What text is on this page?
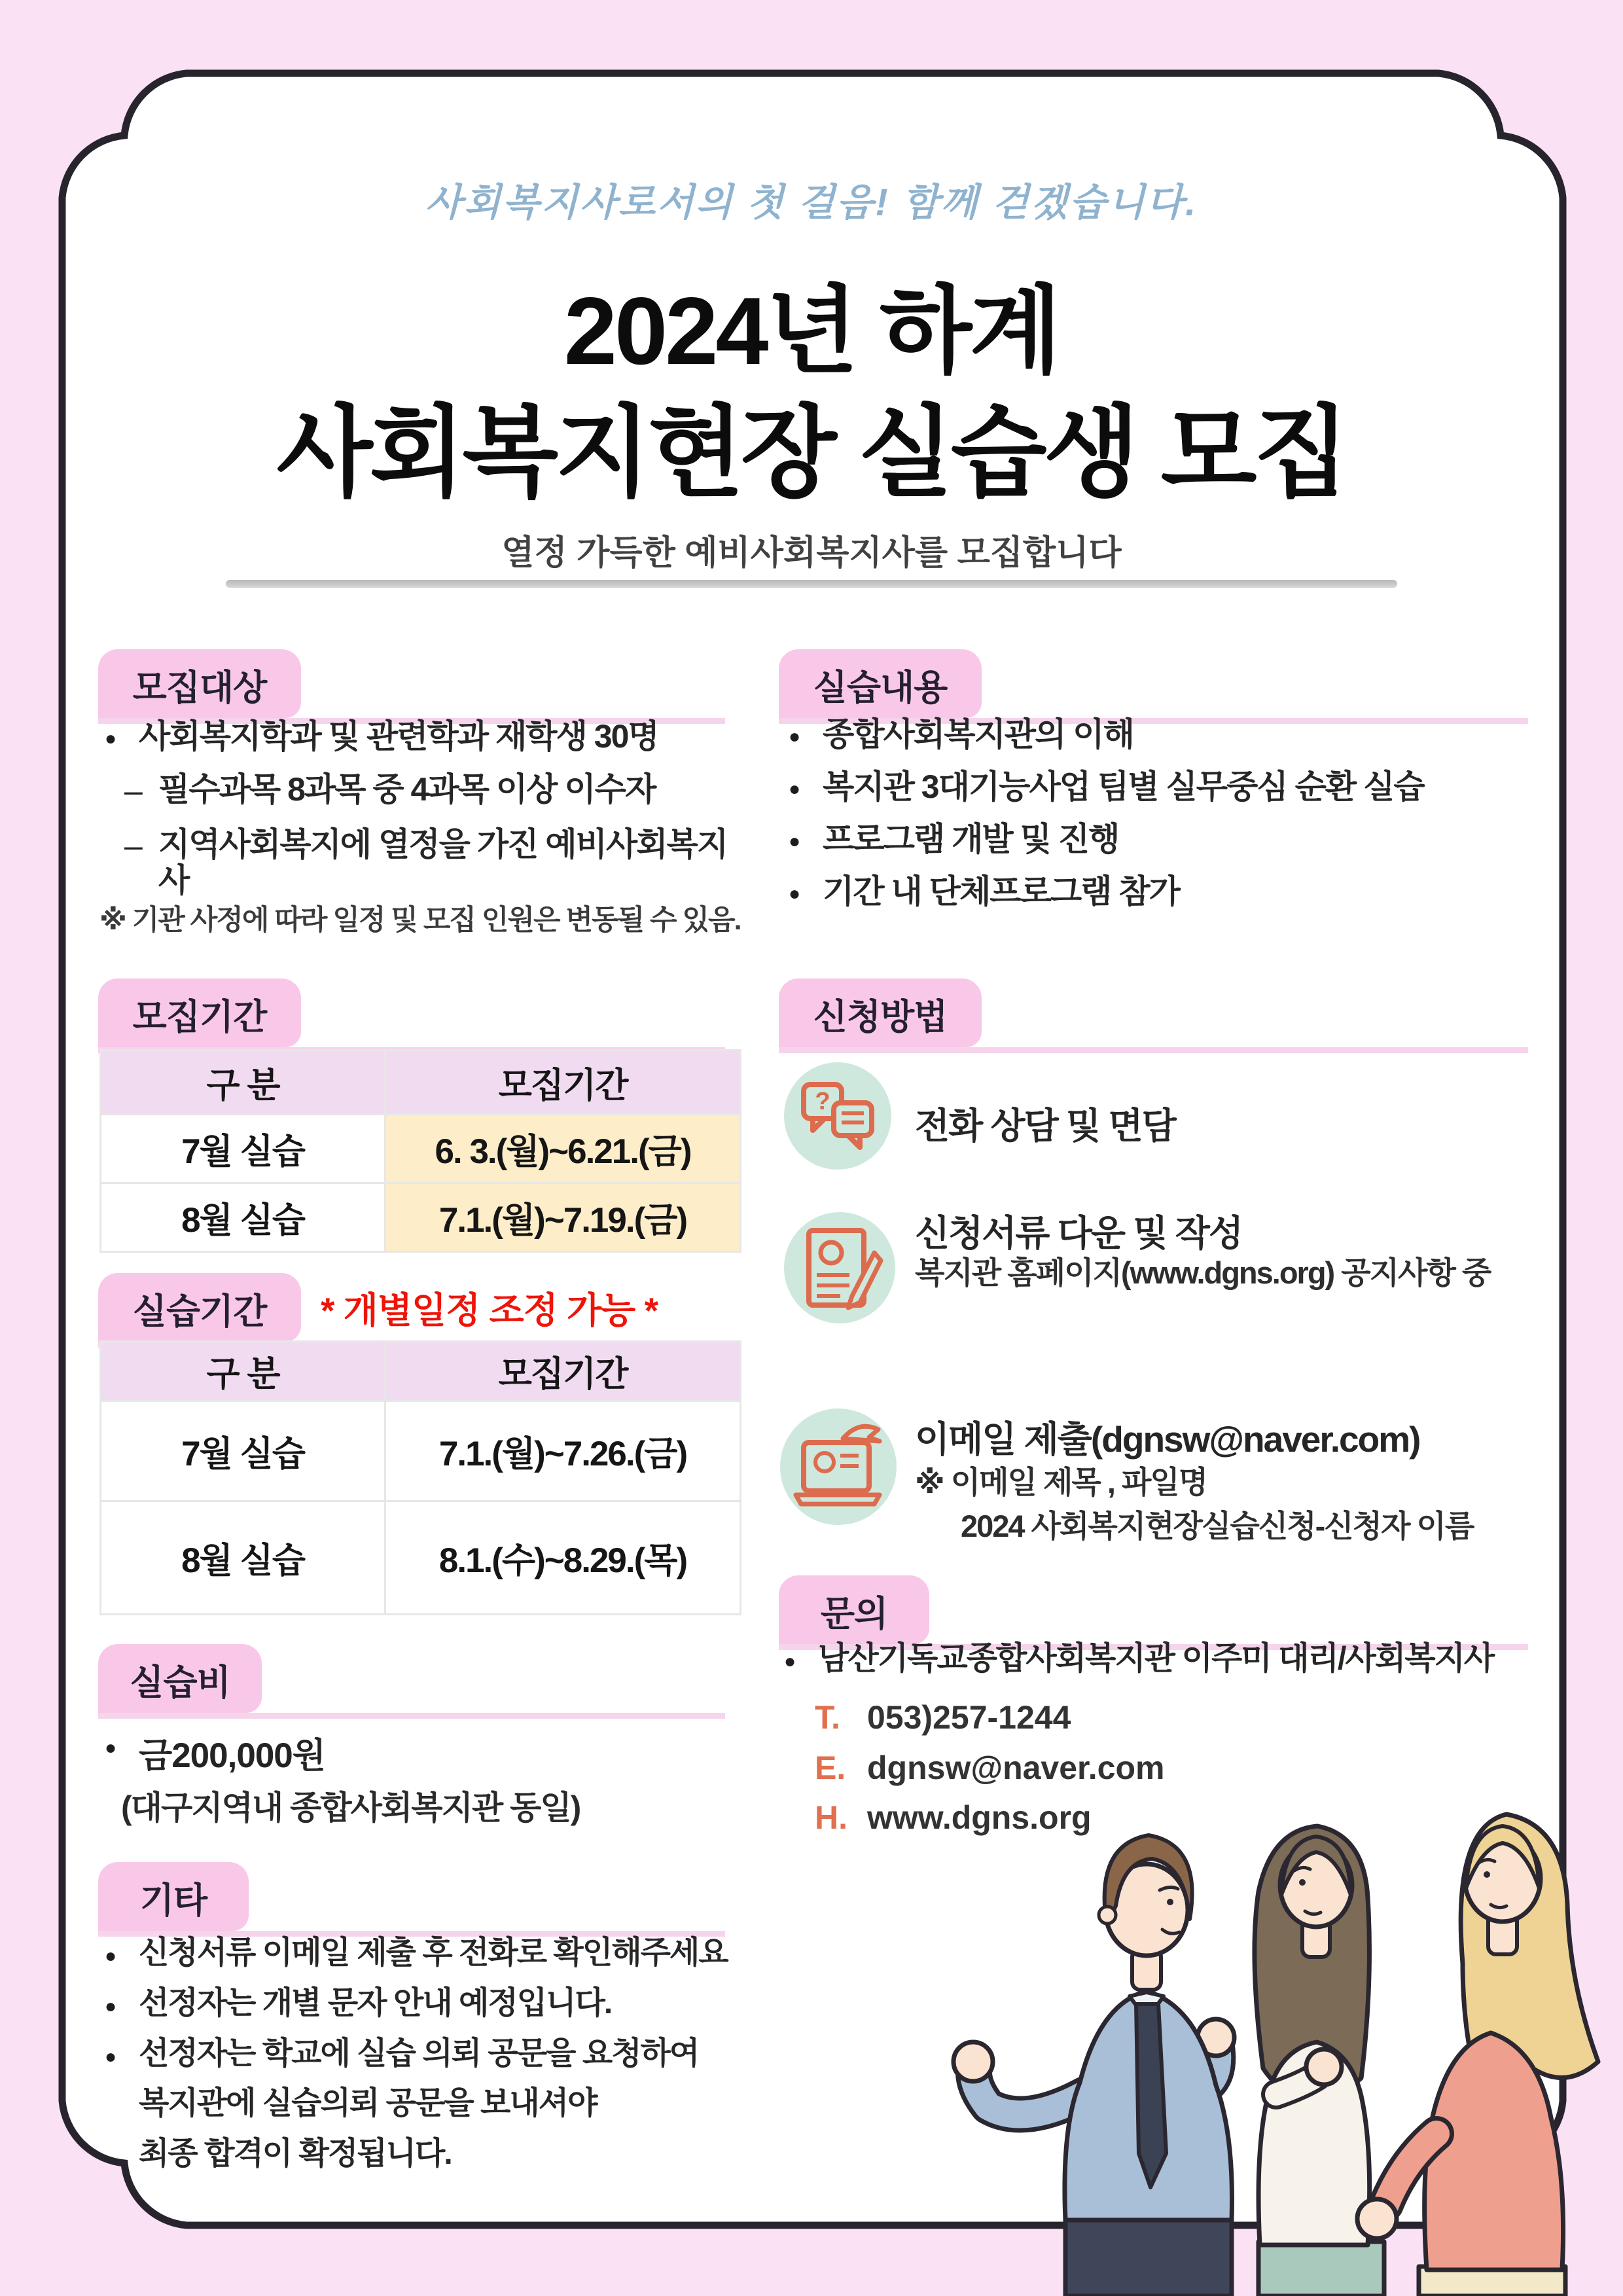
사회복지사로서의 첫 걸음! 함께 걷겠습니다.
2024년 하계
사회복지현장 실습생 모집
열정 가득한 예비사회복지사를 모집합니다
모집대상
● 사회복지학과 및 관련학과 재학생 30명
– 필수과목 8과목 중 4과목 이상 이수자
– 지역사회복지에 열정을 가진 예비사회복지사
※ 기관 사정에 따라 일정 및 모집 인원은 변동될 수 있음.
모집기간
구 분	모집기간
7월 실습	6. 3.(월)~6.21.(금)
8월 실습	7.1.(월)~7.19.(금)
실습기간	* 개별일정 조정 가능 *
구 분	모집기간
7월 실습	7.1.(월)~7.26.(금)
8월 실습	8.1.(수)~8.29.(목)
실습비
● 금200,000원
(대구지역내 종합사회복지관 동일)
기타
● 신청서류 이메일 제출 후 전화로 확인해주세요
● 선정자는 개별 문자 안내 예정입니다.
● 선정자는 학교에 실습 의뢰 공문을 요청하여
복지관에 실습의뢰 공문을 보내셔야
최종 합격이 확정됩니다.
실습내용
● 종합사회복지관의 이해
● 복지관 3대기능사업 팀별 실무중심 순환 실습
● 프로그램 개발 및 진행
● 기간 내 단체프로그램 참가
신청방법
?
전화 상담 및 면담
신청서류 다운 및 작성
복지관 홈페이지(www.dgns.org) 공지사항 중
이메일 제출(dgnsw@naver.com)
※ 이메일 제목 , 파일명
2024 사회복지현장실습신청-신청자 이름
문의
● 남산기독교종합사회복지관 이주미 대리/사회복지사
T. 053)257-1244
E. dgnsw@naver.com
H. www.dgns.org
